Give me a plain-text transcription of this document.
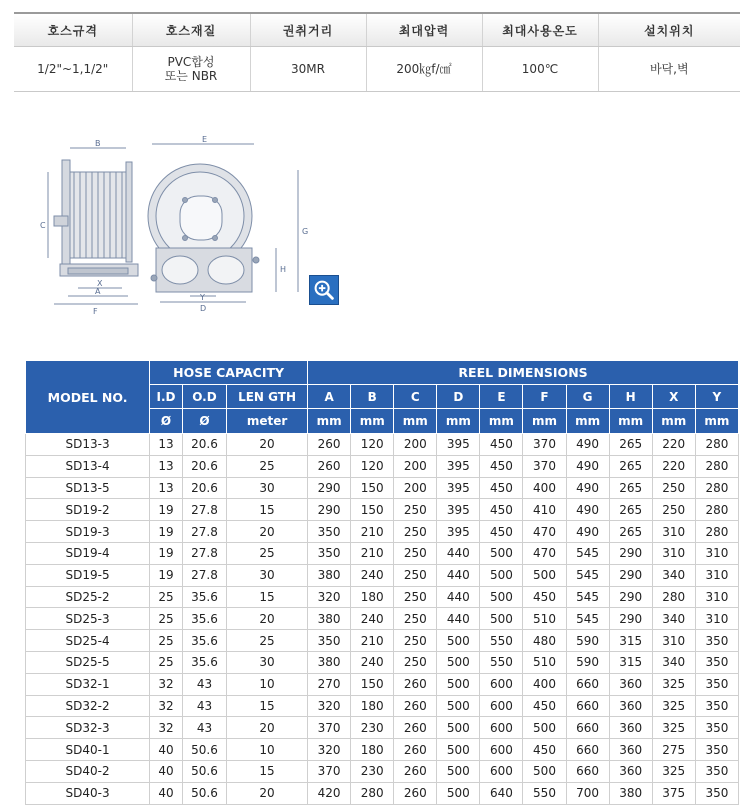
호스규격	호스재질	권취거리	최대압력	최대사용온도	설치위치
1/2"~1,1/2"	PVC합성또는 NBR	30MR	200㎏f/㎠	100℃	바닥,벽
B
C
X
A
F
E
G
H
Y
D
MODEL NO.	HOSE CAPACITY			REEL DIMENSIONS									
	I.D	O.D	LEN GTH	A	B	C	D	E	F	G	H	X	Y
	Ø	Ø	meter	mm	mm	mm	mm	mm	mm	mm	mm	mm	mm
SD13-3	13	20.6	20	260	120	200	395	450	370	490	265	220	280
SD13-4	13	20.6	25	260	120	200	395	450	370	490	265	220	280
SD13-5	13	20.6	30	290	150	200	395	450	400	490	265	250	280
SD19-2	19	27.8	15	290	150	250	395	450	410	490	265	250	280
SD19-3	19	27.8	20	350	210	250	395	450	470	490	265	310	280
SD19-4	19	27.8	25	350	210	250	440	500	470	545	290	310	310
SD19-5	19	27.8	30	380	240	250	440	500	500	545	290	340	310
SD25-2	25	35.6	15	320	180	250	440	500	450	545	290	280	310
SD25-3	25	35.6	20	380	240	250	440	500	510	545	290	340	310
SD25-4	25	35.6	25	350	210	250	500	550	480	590	315	310	350
SD25-5	25	35.6	30	380	240	250	500	550	510	590	315	340	350
SD32-1	32	43	10	270	150	260	500	600	400	660	360	325	350
SD32-2	32	43	15	320	180	260	500	600	450	660	360	325	350
SD32-3	32	43	20	370	230	260	500	600	500	660	360	325	350
SD40-1	40	50.6	10	320	180	260	500	600	450	660	360	275	350
SD40-2	40	50.6	15	370	230	260	500	600	500	660	360	325	350
SD40-3	40	50.6	20	420	280	260	500	640	550	700	380	375	350
